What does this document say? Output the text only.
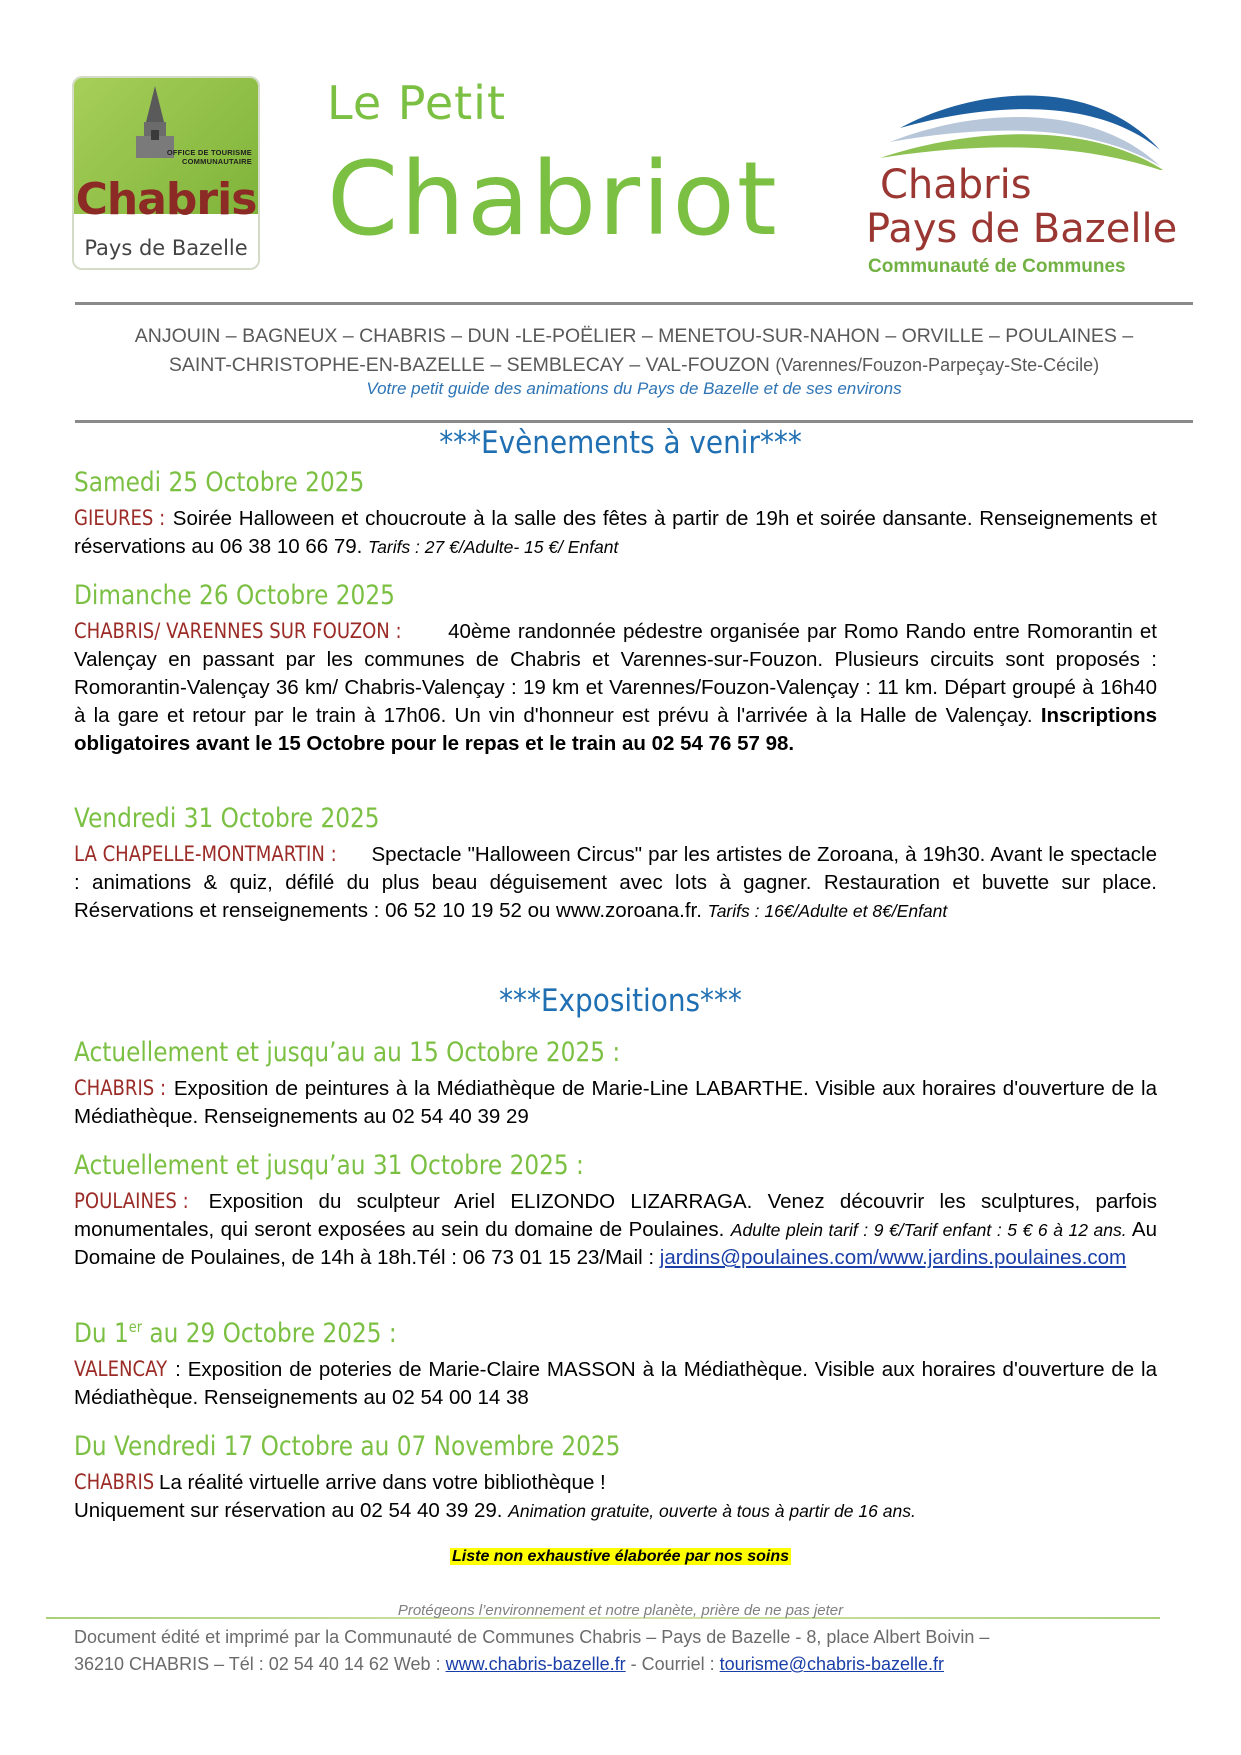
OFFICE DE TOURISME
COMMUNAUTAIRE
Chabris
Pays de Bazelle
Le Petit
Chabriot	Chabris
Pays de Bazelle
Communauté de Communes
ANJOUIN – BAGNEUX – CHABRIS – DUN -LE-POËLIER – MENETOU-SUR-NAHON – ORVILLE – POULAINES –
SAINT-CHRISTOPHE-EN-BAZELLE – SEMBLECAY – VAL-FOUZON (Varennes/Fouzon-Parpeçay-Ste-Cécile)
Votre petit guide des animations du Pays de Bazelle et de ses environs
***Evènements à venir***
Samedi 25 Octobre 2025
GIEURES : Soirée Halloween et choucroute à la salle des fêtes à partir de 19h et soirée dansante. Renseignements et réservations au 06 38 10 66 79. Tarifs : 27 €/Adulte- 15 €/ Enfant
Dimanche 26 Octobre 2025
CHABRIS/ VARENNES SUR FOUZON : 40ème randonnée pédestre organisée par Romo Rando entre Romorantin et Valençay en passant par les communes de Chabris et Varennes-sur-Fouzon. Plusieurs circuits sont proposés : Romorantin-Valençay 36 km/ Chabris-Valençay : 19 km et Varennes/Fouzon-Valençay : 11 km. Départ groupé à 16h40 à la gare et retour par le train à 17h06. Un vin d'honneur est prévu à l'arrivée à la Halle de Valençay. Inscriptions obligatoires avant le 15 Octobre pour le repas et le train au 02 54 76 57 98.
Vendredi 31 Octobre 2025
LA CHAPELLE-MONTMARTIN : Spectacle "Halloween Circus" par les artistes de Zoroana, à 19h30. Avant le spectacle : animations & quiz, défilé du plus beau déguisement avec lots à gagner. Restauration et buvette sur place. Réservations et renseignements : 06 52 10 19 52 ou www.zoroana.fr. Tarifs : 16€/Adulte et 8€/Enfant
***Expositions***
Actuellement et jusqu’au au 15 Octobre 2025 :
CHABRIS : Exposition de peintures à la Médiathèque de Marie-Line LABARTHE. Visible aux horaires d'ouverture de la Médiathèque. Renseignements au 02 54 40 39 29
Actuellement et jusqu’au 31 Octobre 2025 :
POULAINES : Exposition du sculpteur Ariel ELIZONDO LIZARRAGA. Venez découvrir les sculptures, parfois monumentales, qui seront exposées au sein du domaine de Poulaines. Adulte plein tarif : 9 €/Tarif enfant : 5 € 6 à 12 ans. Au Domaine de Poulaines, de 14h à 18h.Tél : 06 73 01 15 23/Mail : jardins@poulaines.com/www.jardins.poulaines.com
Du 1er au 29 Octobre 2025 :
VALENCAY : Exposition de poteries de Marie-Claire MASSON à la Médiathèque. Visible aux horaires d'ouverture de la Médiathèque. Renseignements au 02 54 00 14 38
Du Vendredi 17 Octobre au 07 Novembre 2025
CHABRIS La réalité virtuelle arrive dans votre bibliothèque !
Uniquement sur réservation au 02 54 40 39 29. Animation gratuite, ouverte à tous à partir de 16 ans.
Liste non exhaustive élaborée par nos soins
Protégeons l’environnement et notre planète, prière de ne pas jeter
Document édité et imprimé par la Communauté de Communes Chabris – Pays de Bazelle - 8, place Albert Boivin –
36210 CHABRIS – Tél : 02 54 40 14 62 Web : www.chabris-bazelle.fr - Courriel : tourisme@chabris-bazelle.fr
